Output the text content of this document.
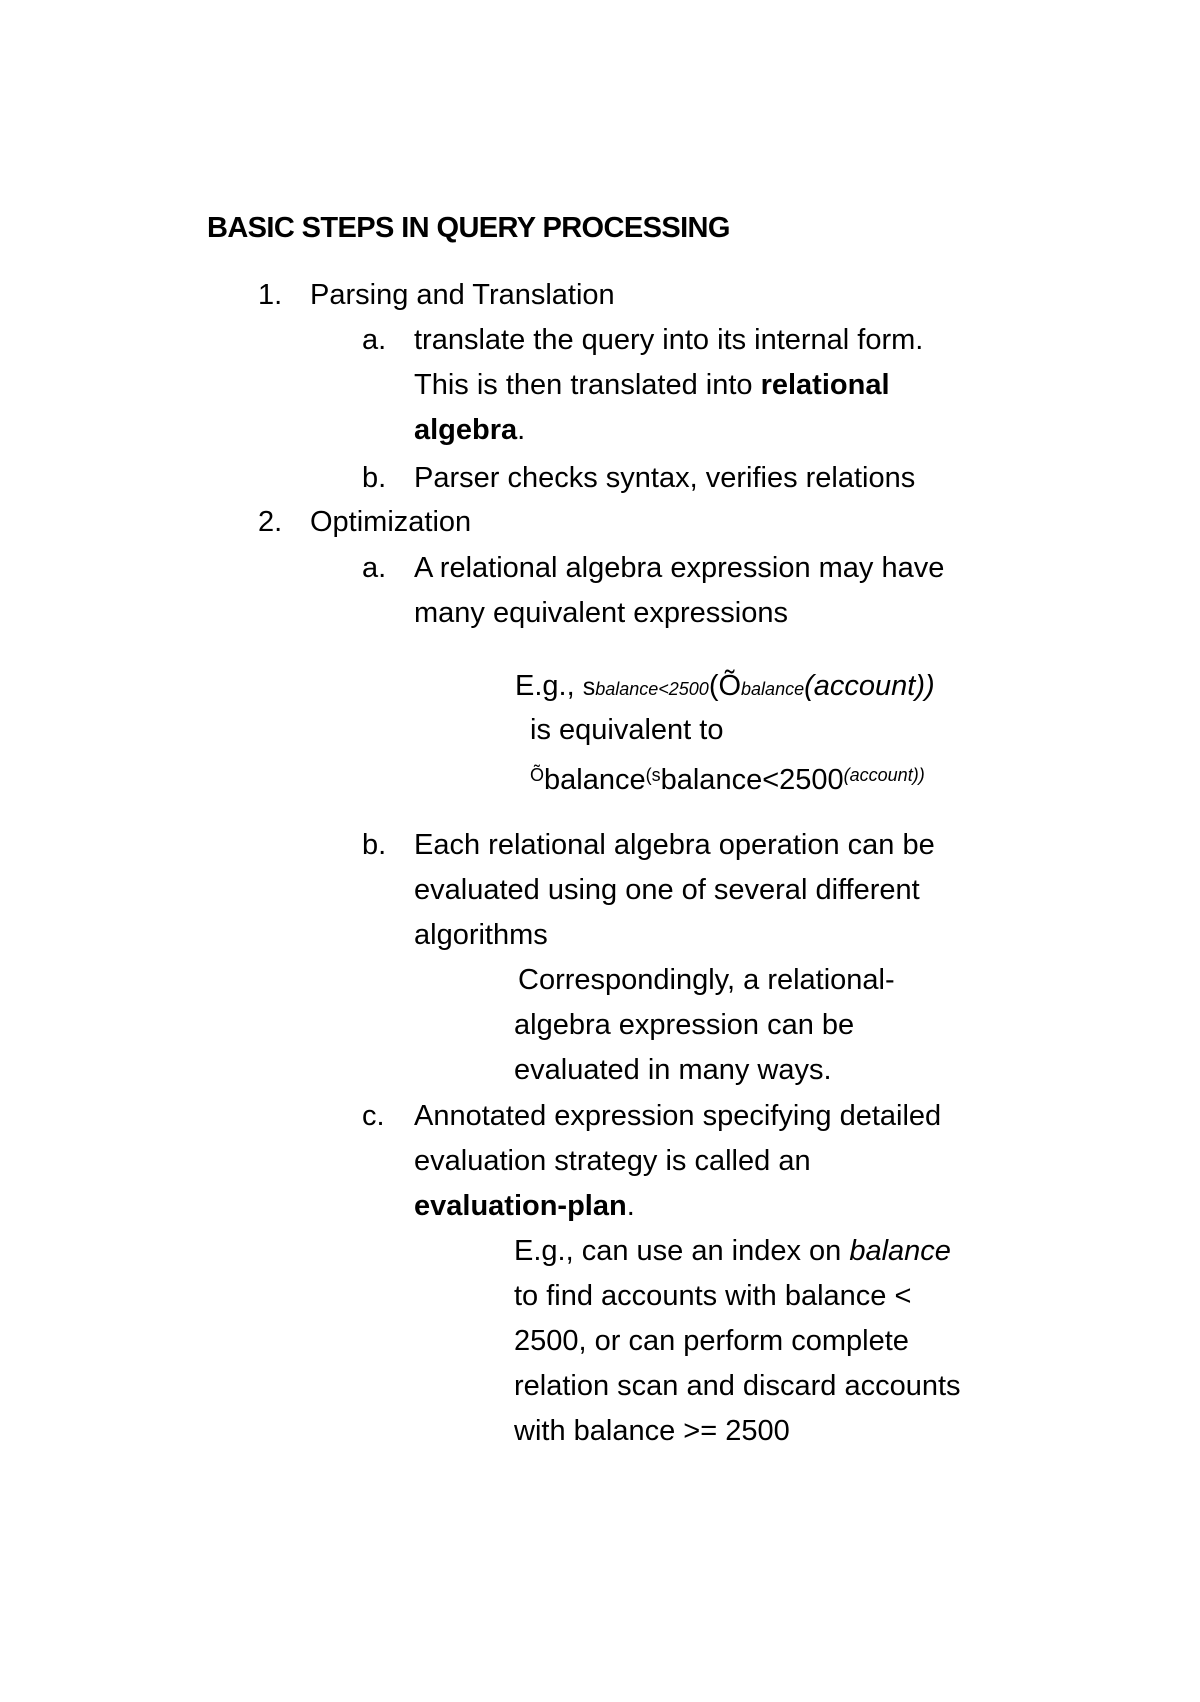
BASIC STEPS IN QUERY PROCESSING
1. Parsing and Translation
a. translate the query into its internal form.
This is then translated into relational
algebra.
b. Parser checks syntax, verifies relations
2. Optimization
a. A relational algebra expression may have
many equivalent expressions
E.g., sbalance<2500(Õbalance(account))
is equivalent to
$^Õbalance^{(s}balance<2500^{(account))}$
b. Each relational algebra operation can be
evaluated using one of several different
algorithms
Correspondingly, a relational-
algebra expression can be
evaluated in many ways.
c. Annotated expression specifying detailed
evaluation strategy is called an
evaluation-plan.
E.g., can use an index on balance
to find accounts with balance <
2500, or can perform complete
relation scan and discard accounts
with balance >= 2500
